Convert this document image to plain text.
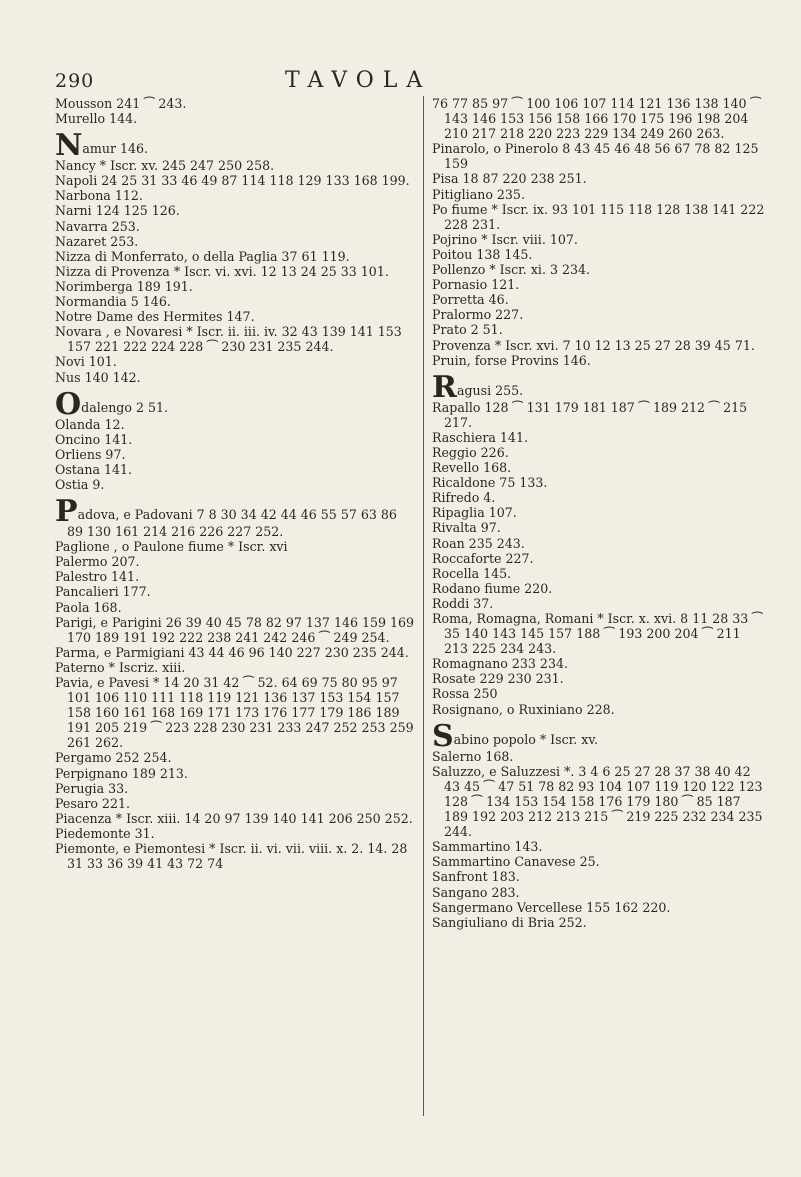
290	TAVOLA
Mousson 241 ⁀ 243.
Murello 144.
Namur 146.
Nancy * Iscr. xv. 245 247 250 258.
Napoli 24 25 31 33 46 49 87 114 118 129 133 168 199.
Narbona 112.
Narni 124 125 126.
Navarra 253.
Nazaret 253.
Nizza di Monferrato, o della Paglia 37 61 119.
Nizza di Provenza * Iscr. vi. xvi. 12 13 24 25 33 101.
Norimberga 189 191.
Normandia 5 146.
Notre Dame des Hermites 147.
Novara , e Novaresi * Iscr. ii. iii. iv. 32 43 139 141 153 157 221 222 224 228 ⁀ 230 231 235 244.
Novi 101.
Nus 140 142.
Odalengo 2 51.
Olanda 12.
Oncino 141.
Orliens 97.
Ostana 141.
Ostia 9.
Padova, e Padovani 7 8 30 34 42 44 46 55 57 63 86 89 130 161 214 216 226 227 252.
Paglione , o Paulone fiume * Iscr. xvi
Palermo 207.
Palestro 141.
Pancalieri 177.
Paola 168.
Parigi, e Parigini 26 39 40 45 78 82 97 137 146 159 169 170 189 191 192 222 238 241 242 246 ⁀ 249 254.
Parma, e Parmigiani 43 44 46 96 140 227 230 235 244.
Paterno * Iscriz. xiii.
Pavia, e Pavesi * 14 20 31 42 ⁀ 52. 64 69 75 80 95 97 101 106 110 111 118 119 121 136 137 153 154 157 158 160 161 168 169 171 173 176 177 179 186 189 191 205 219 ⁀ 223 228 230 231 233 247 252 253 259 261 262.
Pergamo 252 254.
Perpignano 189 213.
Perugia 33.
Pesaro 221.
Piacenza * Iscr. xiii. 14 20 97 139 140 141 206 250 252.
Piedemonte 31.
Piemonte, e Piemontesi * Iscr. ii. vi. vii. viii. x. 2. 14. 28 31 33 36 39 41 43 72 74
76 77 85 97 ⁀ 100 106 107 114 121 136 138 140 ⁀ 143 146 153 156 158 166 170 175 196 198 204 210 217 218 220 223 229 134 249 260 263.
Pinarolo, o Pinerolo 8 43 45 46 48 56 67 78 82 125 159
Pisa 18 87 220 238 251.
Pitigliano 235.
Po fiume * Iscr. ix. 93 101 115 118 128 138 141 222 228 231.
Pojrino * Iscr. viii. 107.
Poitou 138 145.
Pollenzo * Iscr. xi. 3 234.
Pornasio 121.
Porretta 46.
Pralormo 227.
Prato 2 51.
Provenza * Iscr. xvi. 7 10 12 13 25 27 28 39 45 71.
Pruin, forse Provins 146.
Ragusi 255.
Rapallo 128 ⁀ 131 179 181 187 ⁀ 189 212 ⁀ 215 217.
Raschiera 141.
Reggio 226.
Revello 168.
Ricaldone 75 133.
Rifredo 4.
Ripaglia 107.
Rivalta 97.
Roan 235 243.
Roccaforte 227.
Rocella 145.
Rodano fiume 220.
Roddi 37.
Roma, Romagna, Romani * Iscr. x. xvi. 8 11 28 33 ⁀ 35 140 143 145 157 188 ⁀ 193 200 204 ⁀ 211 213 225 234 243.
Romagnano 233 234.
Rosate 229 230 231.
Rossa 250
Rosignano, o Ruxiniano 228.
Sabino popolo * Iscr. xv.
Salerno 168.
Saluzzo, e Saluzzesi *. 3 4 6 25 27 28 37 38 40 42 43 45 ⁀ 47 51 78 82 93 104 107 119 120 122 123 128 ⁀ 134 153 154 158 176 179 180 ⁀ 85 187 189 192 203 212 213 215 ⁀ 219 225 232 234 235 244.
Sammartino 143.
Sammartino Canavese 25.
Sanfront 183.
Sangano 283.
Sangermano Vercellese 155 162 220.
Sangiuliano di Bria 252.
